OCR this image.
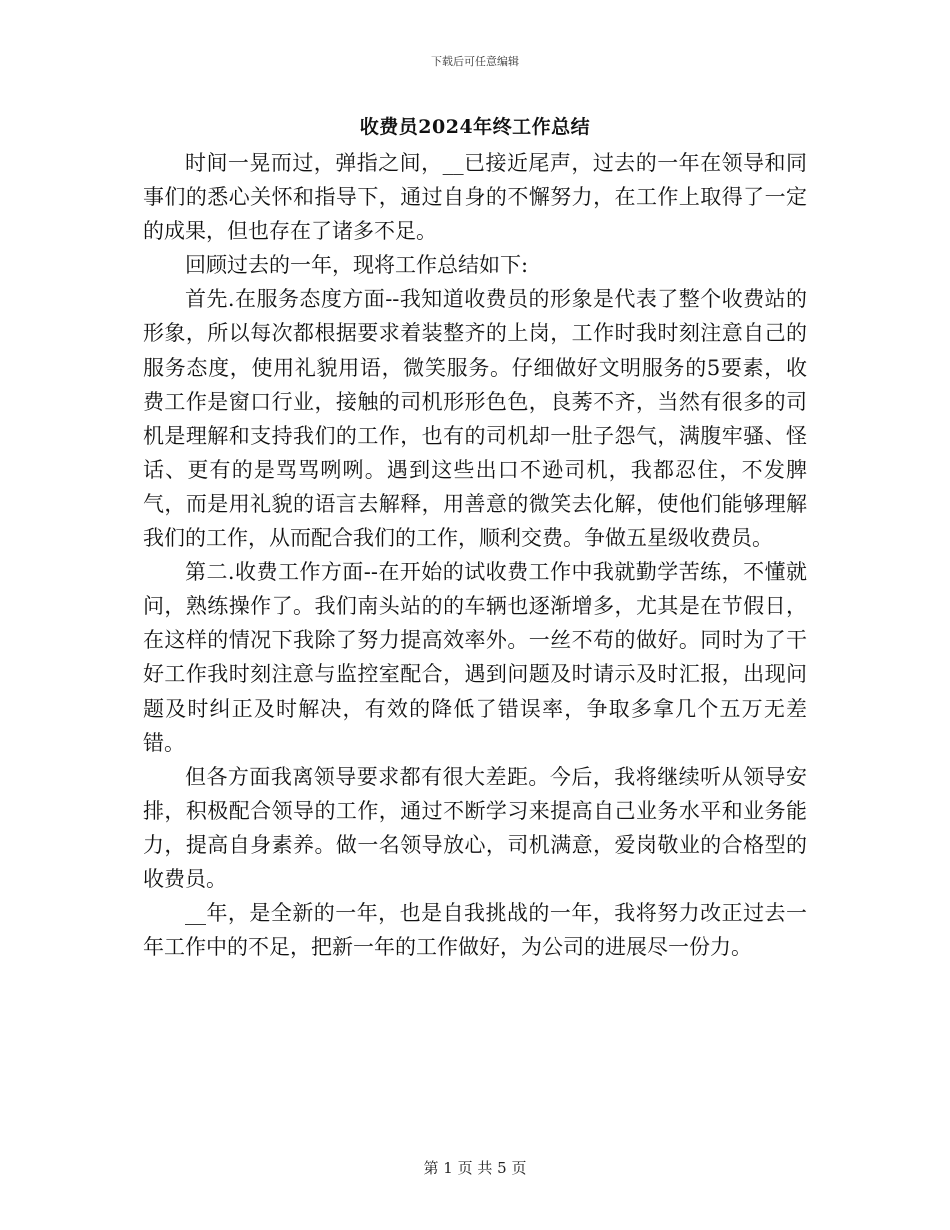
下载后可任意编辑
收费员2024年终工作总结

时间一晃而过，弹指之间，__已接近尾声，过去的一年在领导和同事们的悉心关怀和指导下，通过自身的不懈努力，在工作上取得了一定的成果，但也存在了诸多不足。

回顾过去的一年，现将工作总结如下:

首先.在服务态度方面--我知道收费员的形象是代表了整个收费站的形象，所以每次都根据要求着装整齐的上岗，工作时我时刻注意自己的服务态度，使用礼貌用语，微笑服务。仔细做好文明服务的5要素，收费工作是窗口行业，接触的司机形形色色，良莠不齐，当然有很多的司机是理解和支持我们的工作，也有的司机却一肚子怨气，满腹牢骚、怪话、更有的是骂骂咧咧。遇到这些出口不逊司机，我都忍住，不发脾气，而是用礼貌的语言去解释，用善意的微笑去化解，使他们能够理解我们的工作，从而配合我们的工作，顺利交费。争做五星级收费员。

第二.收费工作方面--在开始的试收费工作中我就勤学苦练，不懂就问，熟练操作了。我们南头站的的车辆也逐渐增多，尤其是在节假日，在这样的情况下我除了努力提高效率外。一丝不苟的做好。同时为了干好工作我时刻注意与监控室配合，遇到问题及时请示及时汇报，出现问题及时纠正及时解决，有效的降低了错误率，争取多拿几个五万无差错。

但各方面我离领导要求都有很大差距。今后，我将继续听从领导安排，积极配合领导的工作，通过不断学习来提高自己业务水平和业务能力，提高自身素养。做一名领导放心，司机满意，爱岗敬业的合格型的收费员。

__年，是全新的一年，也是自我挑战的一年，我将努力改正过去一年工作中的不足，把新一年的工作做好，为公司的进展尽一份力。

第 1 页 共 5 页
